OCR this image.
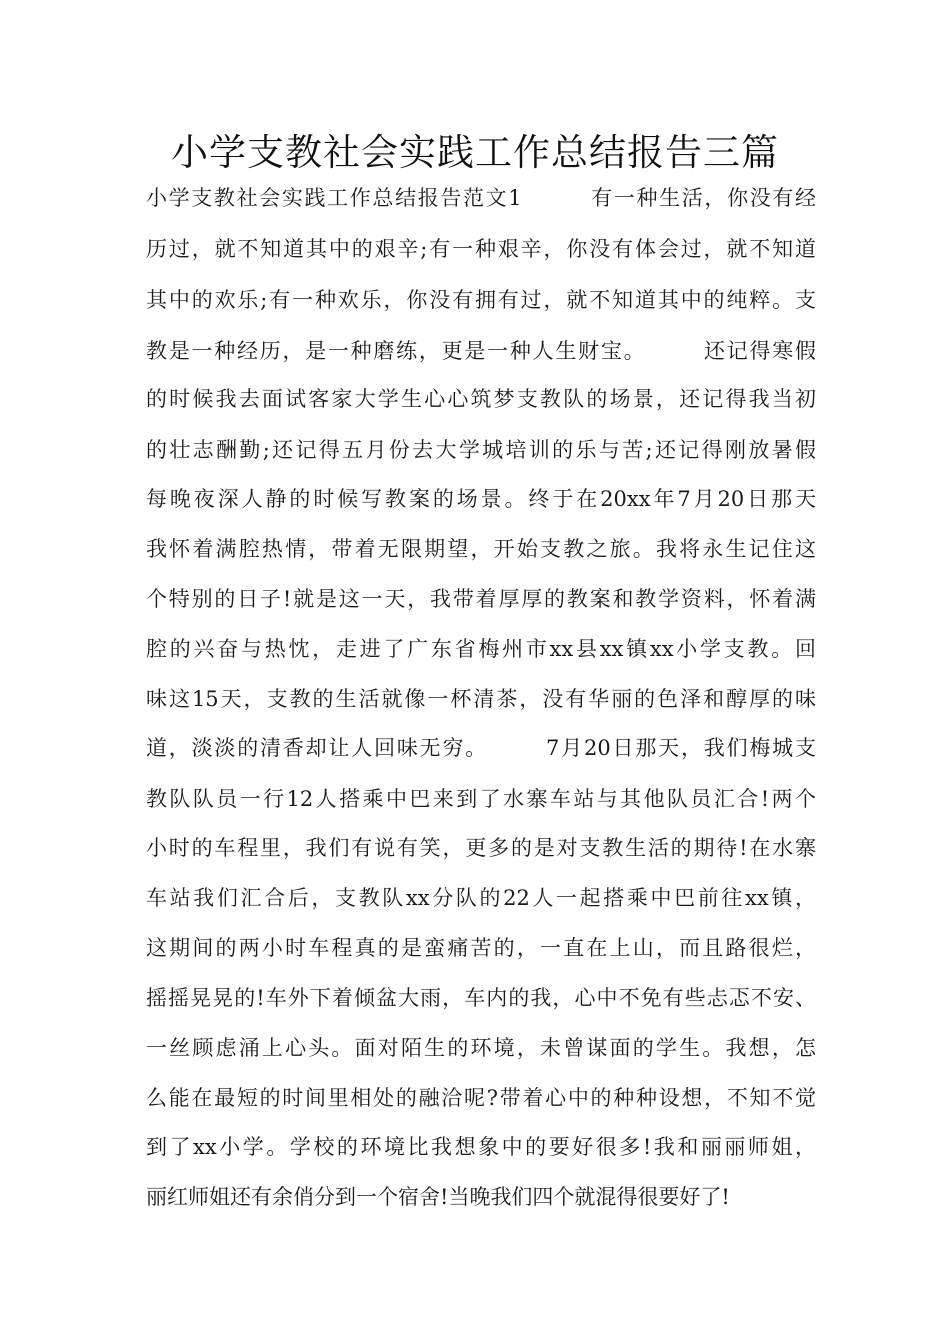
小学支教社会实践工作总结报告三篇

小学支教社会实践工作总结报告范文1　　　有一种生活，你没有经

历过，就不知道其中的艰辛;有一种艰辛，你没有体会过，就不知道

其中的欢乐;有一种欢乐，你没有拥有过，就不知道其中的纯粹。支

教是一种经历，是一种磨练，更是一种人生财宝。　　　还记得寒假

的时候我去面试客家大学生心心筑梦支教队的场景，还记得我当初

的壮志酬勤;还记得五月份去大学城培训的乐与苦;还记得刚放暑假

每晚夜深人静的时候写教案的场景。终于在20xx年7月20日那天

我怀着满腔热情，带着无限期望，开始支教之旅。我将永生记住这

个特别的日子!就是这一天，我带着厚厚的教案和教学资料，怀着满

腔的兴奋与热忱，走进了广东省梅州市xx县xx镇xx小学支教。回

味这15天，支教的生活就像一杯清茶，没有华丽的色泽和醇厚的味

道，淡淡的清香却让人回味无穷。　　　7月20日那天，我们梅城支

教队队员一行12人搭乘中巴来到了水寨车站与其他队员汇合!两个

小时的车程里，我们有说有笑，更多的是对支教生活的期待!在水寨

车站我们汇合后，支教队xx分队的22人一起搭乘中巴前往xx镇，

这期间的两小时车程真的是蛮痛苦的，一直在上山，而且路很烂，

摇摇晃晃的!车外下着倾盆大雨，车内的我，心中不免有些忐忑不安、

一丝顾虑涌上心头。面对陌生的环境，未曾谋面的学生。我想，怎

么能在最短的时间里相处的融洽呢?带着心中的种种设想，不知不觉

到了xx小学。学校的环境比我想象中的要好很多!我和丽丽师姐，

丽红师姐还有余俏分到一个宿舍!当晚我们四个就混得很要好了!
